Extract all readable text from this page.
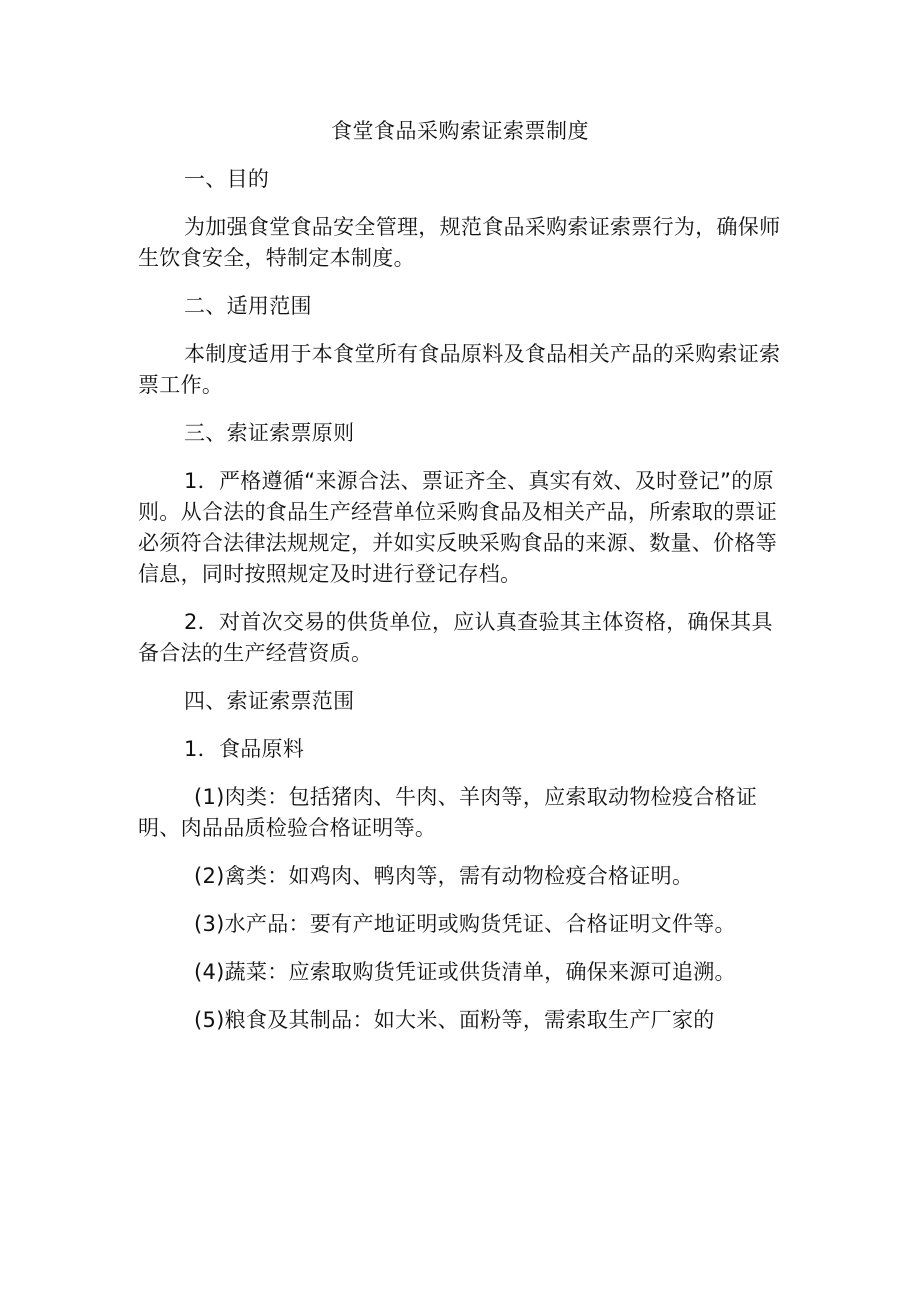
食堂食品采购索证索票制度

一、目的

为加强食堂食品安全管理，规范食品采购索证索票行为，确保师生饮食安全，特制定本制度。

二、适用范围

本制度适用于本食堂所有食品原料及食品相关产品的采购索证索票工作。

三、索证索票原则

1．严格遵循“来源合法、票证齐全、真实有效、及时登记”的原则。从合法的食品生产经营单位采购食品及相关产品，所索取的票证必须符合法律法规规定，并如实反映采购食品的来源、数量、价格等信息，同时按照规定及时进行登记存档。

2．对首次交易的供货单位，应认真查验其主体资格，确保其具备合法的生产经营资质。

四、索证索票范围

1．食品原料

(1)肉类：包括猪肉、牛肉、羊肉等，应索取动物检疫合格证明、肉品品质检验合格证明等。

(2)禽类：如鸡肉、鸭肉等，需有动物检疫合格证明。

(3)水产品：要有产地证明或购货凭证、合格证明文件等。

(4)蔬菜：应索取购货凭证或供货清单，确保来源可追溯。

(5)粮食及其制品：如大米、面粉等，需索取生产厂家的
